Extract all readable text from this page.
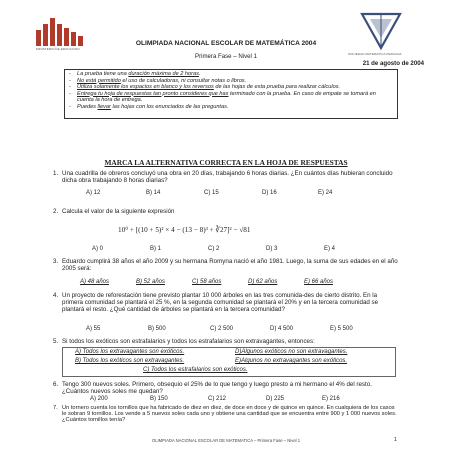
MINISTERIO DE EDUCACION
SOCIEDAD MATEMATICA PERUANA
OLIMPIADA NACIONAL ESCOLAR DE MATEMÁTICA 2004
Primera Fase – Nivel 1
21 de agosto de 2004
- La prueba tiene una duración máxima de 2 horas.
- No está permitido el uso de calculadoras, ni consultar notas o libros.
- Utiliza solamente los espacios en blanco y los reversos de las hojas de esta prueba para realizar cálculos.
- Entrega tu hoja de respuestas tan pronto consideres que has terminado con la prueba. En caso de empate se tomará en cuenta la hora de entrega.
- Puedes llevar las hojas con los enunciados de las preguntas.
MARCA LA ALTERNATIVA CORRECTA EN LA HOJA DE RESPUESTAS
1. Una cuadrilla de obreros concluyó una obra en 20 días, trabajando 6 horas diarias. ¿En cuántos días hubieran concluido dicha obra trabajando 8 horas diarias?
A) 12	B) 14	C) 15	D) 16	E) 24
2. Calcula el valor de la siguiente expresión
10⁰ + [(10 + 5)² × 4 − (13 − 8)³ + ∛27]² − √81
A) 0	B) 1	C) 2	D) 3	E) 4
3. Eduardo cumplirá 38 años el año 2009 y su hermana Romyna nació el año 1981. Luego, la suma de sus edades en el año 2005 será:
A) 48 años	B) 52 años	C) 58 años	D) 62 años	E) 66 años
4. Un proyecto de reforestación tiene previsto plantar 10 000 árboles en las tres comunida-des de cierto distrito. En la primera comunidad se plantará el 25 %, en la segunda comunidad se plantará el 20% y en la tercera comunidad se plantará el resto. ¿Qué cantidad de árboles se plantará en la tercera comunidad?
A) 55	B) 500	C) 2 500	D) 4 500	E) 5 500
5. Si todos los exóticos son estrafalarios y todos los estrafalarios son extravagantes, entonces:
A) Todos los extravagantes son exóticos.	D)Algunos exóticos no son extravagantes.
B) Todos los exóticos son extravagantes.	E)Algunos no extravagantes son exóticos.
C) Todos los estrafalarios son exóticos.
6. Tengo 300 nuevos soles. Primero, obsequio el 25% de lo que tengo y luego presto a mi hermano el 4% del resto. ¿Cuántos nuevos soles me quedan?
A) 200	B) 150	C) 212	D) 225	E) 216
7. Un tornero cuenta los tornillos que ha fabricado de diez en diez, de doce en doce y de quince en quince. En cualquiera de los casos le sobran 9 tornillos. Los vende a 5 nuevos soles cada uno y obtiene una cantidad que se encuentra entre 900 y 1 000 nuevos soles. ¿Cuántos tornillos tenía?
OLIMPIADA NACIONAL ESCOLAR DE MATEMATICA – Primera Fase – Nivel 1	1
